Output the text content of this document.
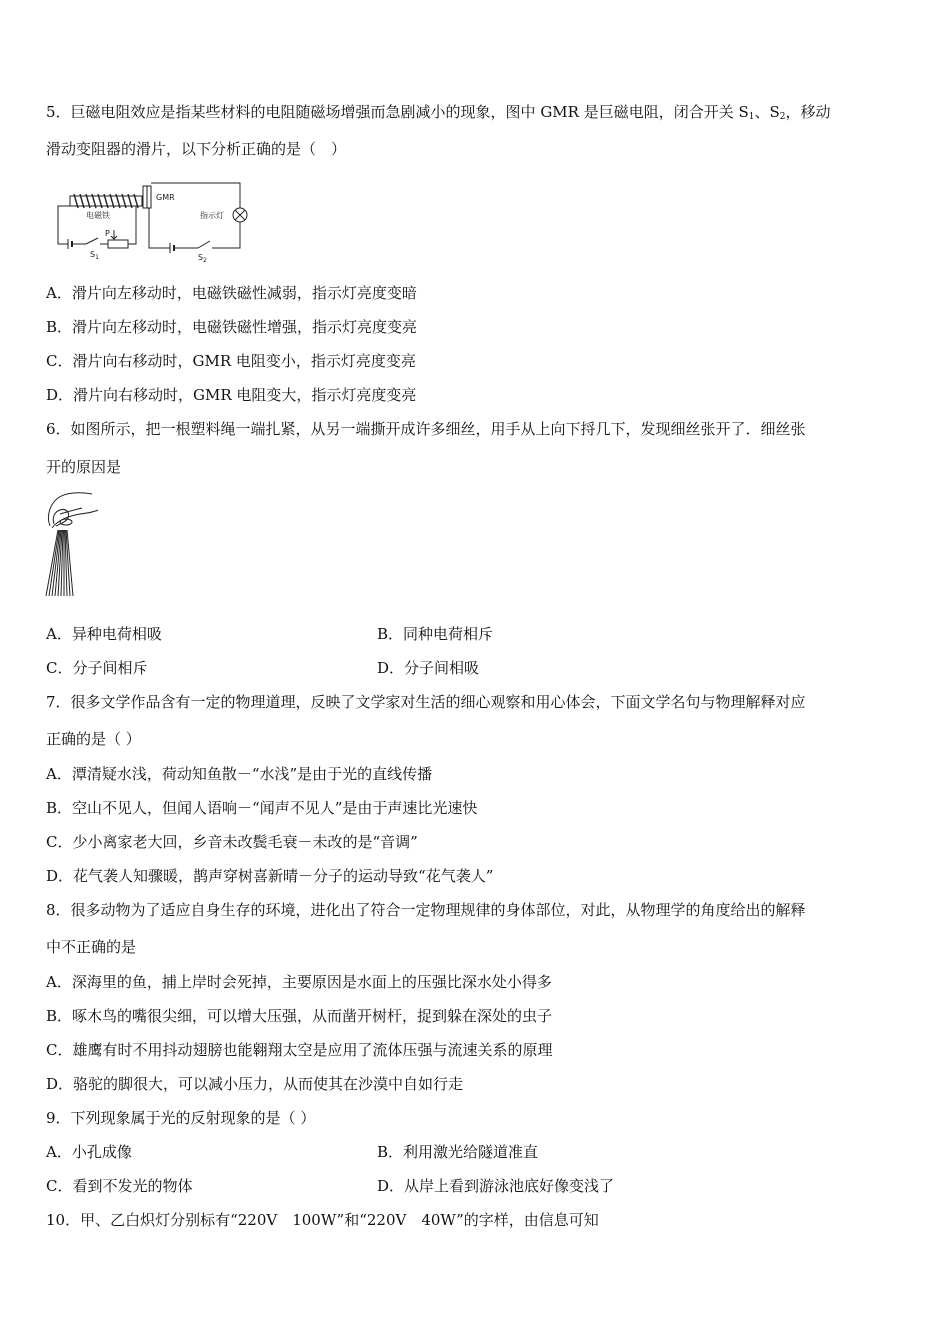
5．巨磁电阻效应是指某些材料的电阻随磁场增强而急剧减小的现象，图中 GMR 是巨磁电阻，闭合开关 $S_1$、$S_2$，移动
滑动变阻器的滑片，以下分析正确的是（　）
电磁铁
GMR
指示灯
P
$S_1$	$S_2$
A．滑片向左移动时，电磁铁磁性减弱，指示灯亮度变暗
B．滑片向左移动时，电磁铁磁性增强，指示灯亮度变亮
C．滑片向右移动时，GMR 电阻变小，指示灯亮度变亮
D．滑片向右移动时，GMR 电阻变大，指示灯亮度变亮
6．如图所示，把一根塑料绳一端扎紧，从另一端撕开成许多细丝，用手从上向下捋几下，发现细丝张开了．细丝张
开的原因是
A．异种电荷相吸	B．同种电荷相斥
C．分子间相斥	D．分子间相吸
7．很多文学作品含有一定的物理道理，反映了文学家对生活的细心观察和用心体会，下面文学名句与物理解释对应
正确的是（ ）
A．潭清疑水浅，荷动知鱼散－“水浅”是由于光的直线传播
B．空山不见人，但闻人语响－“闻声不见人”是由于声速比光速快
C．少小离家老大回，乡音未改鬓毛衰－未改的是“音调”
D．花气袭人知骤暖，鹊声穿树喜新晴－分子的运动导致“花气袭人”
8．很多动物为了适应自身生存的环境，进化出了符合一定物理规律的身体部位，对此，从物理学的角度给出的解释
中不正确的是
A．深海里的鱼，捕上岸时会死掉，主要原因是水面上的压强比深水处小得多
B．啄木鸟的嘴很尖细，可以增大压强，从而凿开树杆，捉到躲在深处的虫子
C．雄鹰有时不用抖动翅膀也能翱翔太空是应用了流体压强与流速关系的原理
D．骆驼的脚很大，可以减小压力，从而使其在沙漠中自如行走
9．下列现象属于光的反射现象的是（ ）
A．小孔成像	B．利用激光给隧道准直
C．看到不发光的物体	D．从岸上看到游泳池底好像变浅了
10．甲、乙白炽灯分别标有“220V　100W”和“220V　40W”的字样，由信息可知
